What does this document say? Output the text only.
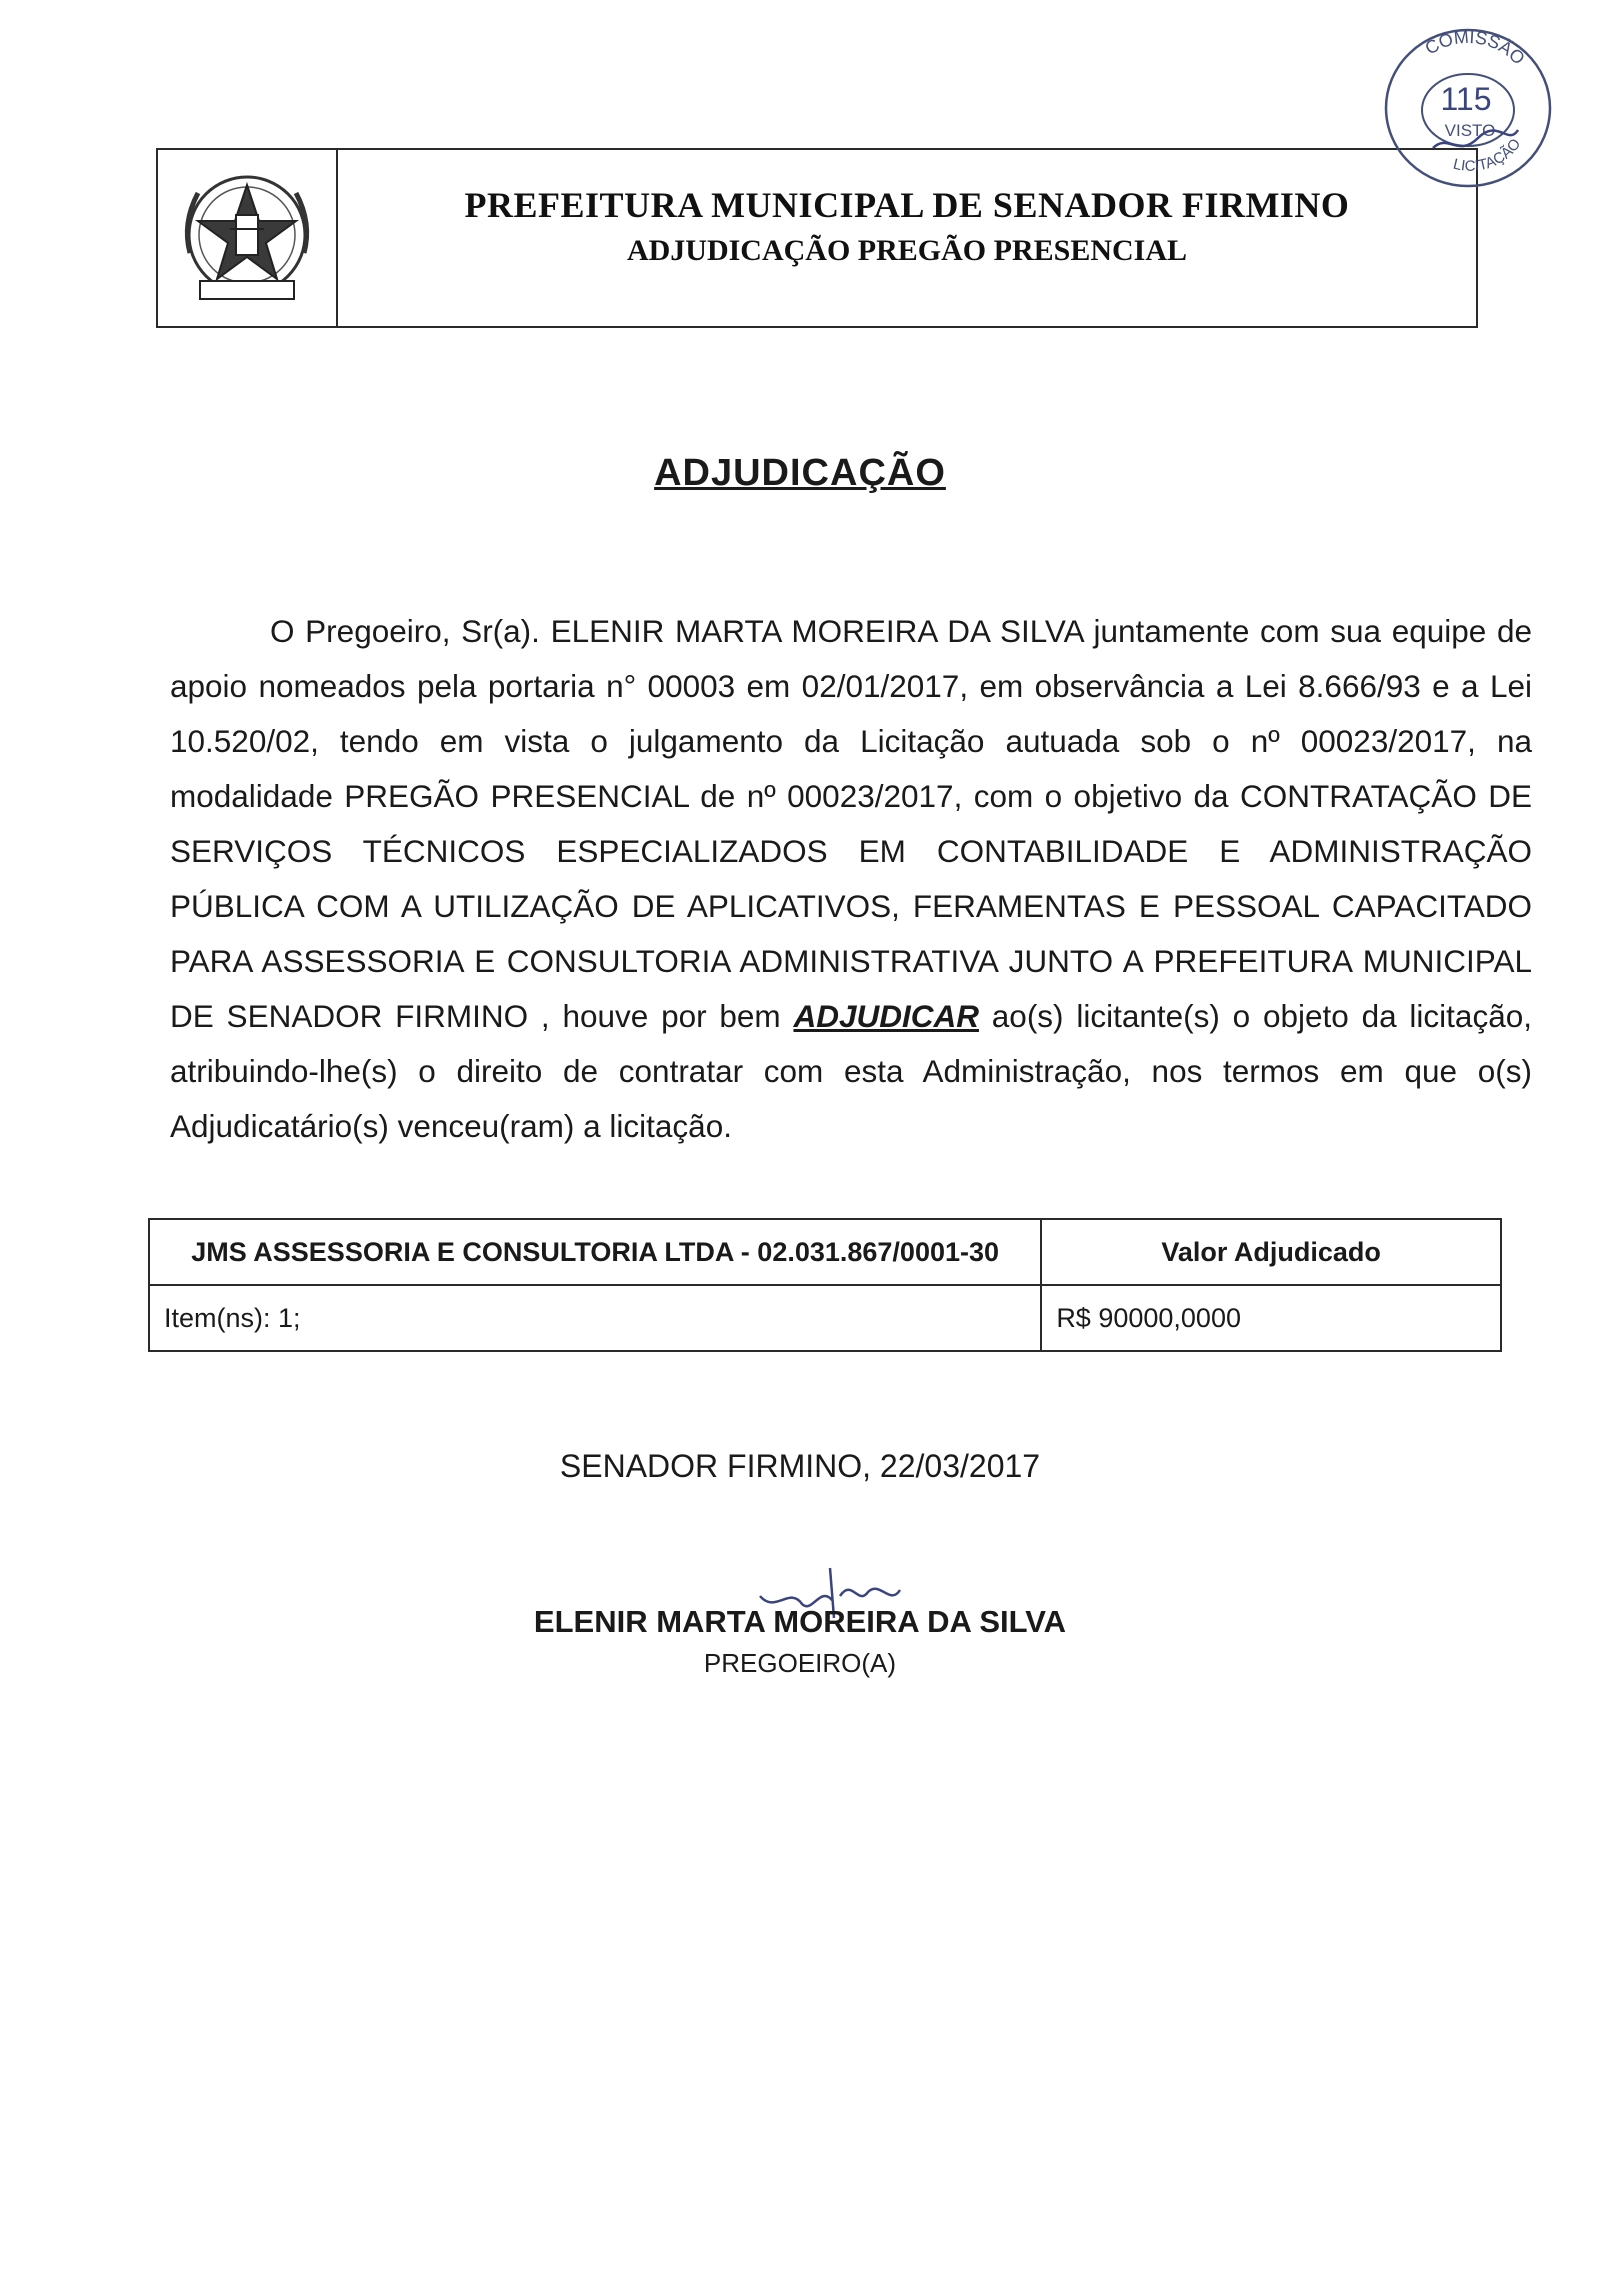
PREFEITURA MUNICIPAL DE SENADOR FIRMINO
ADJUDICAÇÃO PREGÃO PRESENCIAL
COMISSÃO
115
VISTO
LICITAÇÃO
ADJUDICAÇÃO
O Pregoeiro, Sr(a). ELENIR MARTA MOREIRA DA SILVA juntamente com sua equipe de apoio nomeados pela portaria n° 00003 em 02/01/2017, em observância a Lei 8.666/93 e a Lei 10.520/02, tendo em vista o julgamento da Licitação autuada sob o nº 00023/2017, na modalidade PREGÃO PRESENCIAL de nº 00023/2017, com o objetivo da CONTRATAÇÃO DE SERVIÇOS TÉCNICOS ESPECIALIZADOS EM CONTABILIDADE E ADMINISTRAÇÃO PÚBLICA COM A UTILIZAÇÃO DE APLICATIVOS, FERAMENTAS E PESSOAL CAPACITADO PARA ASSESSORIA E CONSULTORIA ADMINISTRATIVA JUNTO A PREFEITURA MUNICIPAL DE SENADOR FIRMINO , houve por bem ADJUDICAR ao(s) licitante(s) o objeto da licitação, atribuindo-lhe(s) o direito de contratar com esta Administração, nos termos em que o(s) Adjudicatário(s) venceu(ram) a licitação.
JMS ASSESSORIA E CONSULTORIA LTDA - 02.031.867/0001-30	Valor Adjudicado
Item(ns): 1;	R$ 90000,0000
SENADOR FIRMINO, 22/03/2017
ELENIR MARTA MOREIRA DA SILVA
PREGOEIRO(A)
